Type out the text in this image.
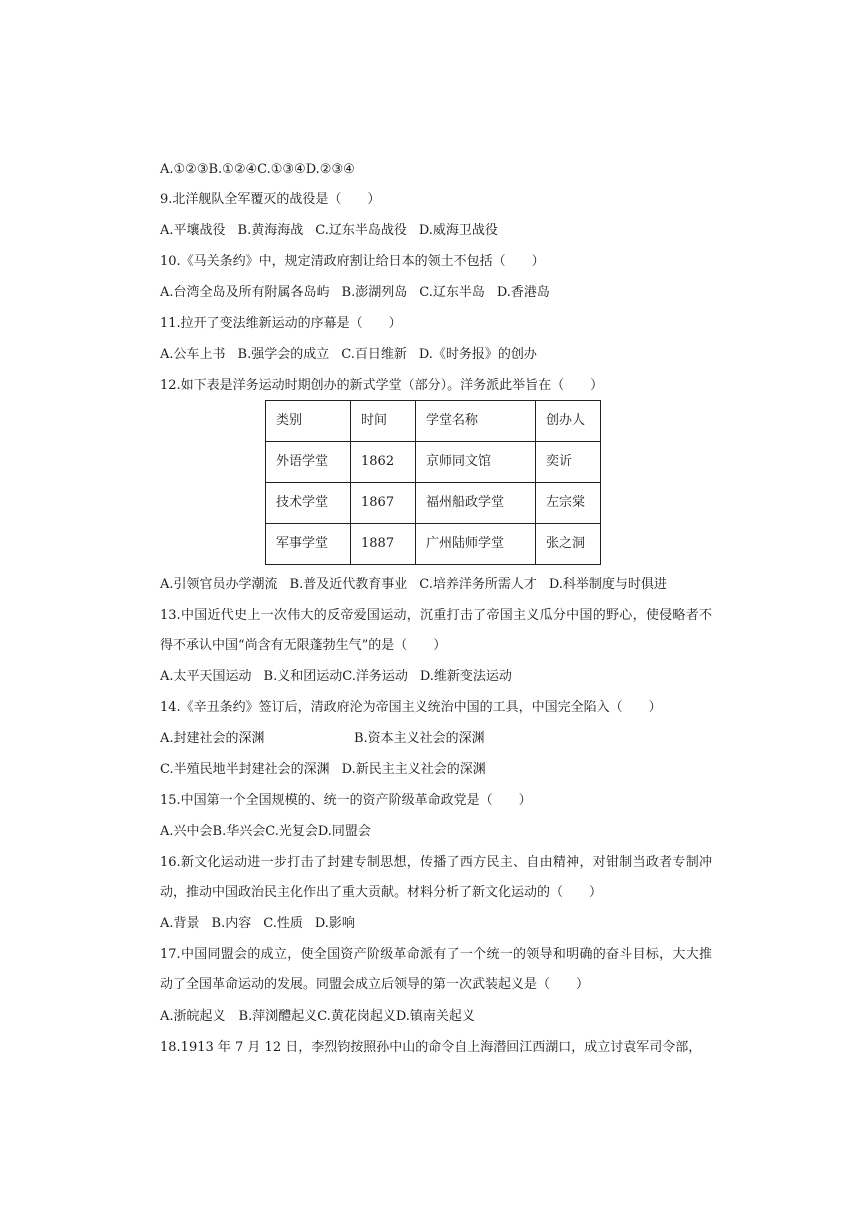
A.①②③B.①②④C.①③④D.②③④
9.北洋舰队全军覆灭的战役是（　　）
A.平壤战役 B.黄海海战 C.辽东半岛战役 D.威海卫战役
10.《马关条约》中，规定清政府割让给日本的领土不包括（　　）
A.台湾全岛及所有附属各岛屿 B.澎湖列岛 C.辽东半岛 D.香港岛
11.拉开了变法维新运动的序幕是（　　）
A.公车上书 B.强学会的成立 C.百日维新 D.《时务报》的创办
12.如下表是洋务运动时期创办的新式学堂（部分）。洋务派此举旨在（　　）
类别	时间	学堂名称	创办人
外语学堂	1862	京师同文馆	奕䜣
技术学堂	1867	福州船政学堂	左宗棠
军事学堂	1887	广州陆师学堂	张之洞
A.引领官员办学潮流 B.普及近代教育事业 C.培养洋务所需人才 D.科举制度与时俱进
13.中国近代史上一次伟大的反帝爱国运动，沉重打击了帝国主义瓜分中国的野心，使侵略者不得不承认中国“尚含有无限蓬勃生气”的是（　　）
A.太平天国运动 B.义和团运动C.洋务运动 D.维新变法运动
14.《辛丑条约》签订后，清政府沦为帝国主义统治中国的工具，中国完全陷入（　　）
A.封建社会的深渊	B.资本主义社会的深渊
C.半殖民地半封建社会的深渊 D.新民主主义社会的深渊
15.中国第一个全国规模的、统一的资产阶级革命政党是（　　）
A.兴中会B.华兴会C.光复会D.同盟会
16.新文化运动进一步打击了封建专制思想，传播了西方民主、自由精神，对钳制当政者专制冲动，推动中国政治民主化作出了重大贡献。材料分析了新文化运动的（　　）
A.背景 B.内容 C.性质 D.影响
17.中国同盟会的成立，使全国资产阶级革命派有了一个统一的领导和明确的奋斗目标，大大推动了全国革命运动的发展。同盟会成立后领导的第一次武装起义是（　　）
A.浙皖起义　B.萍浏醴起义C.黄花岗起义D.镇南关起义
18.1913 年 7 月 12 日，李烈钧按照孙中山的命令自上海潜回江西湖口，成立讨袁军司令部，
